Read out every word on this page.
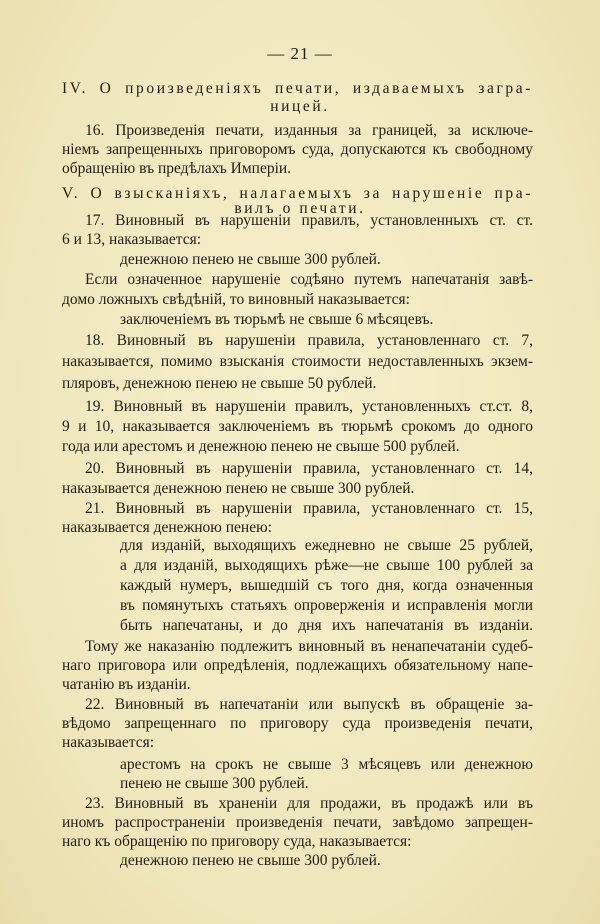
— 21 —
IV. О произведеніяхъ печати, издаваемыхъ загра-
ницей.
16. Произведенія печати, изданныя за границей, за исключе-
ніемъ запрещенныхъ приговоромъ суда, допускаются къ свободному
обращенію въ предѣлахъ Имперіи.
V. О взысканіяхъ, налагаемыхъ за нарушеніе пра-
вилъ о печати.
17. Виновный въ нарушеніи правилъ, установленныхъ ст. ст.
6 и 13, наказывается:
денежною пенею не свыше 300 рублей.
Если означенное нарушеніе содѣяно путемъ напечатанія завѣ-
домо ложныхъ свѣдѣній, то виновный наказывается:
заключеніемъ въ тюрьмѣ не свыше 6 мѣсяцевъ.
18. Виновный въ нарушеніи правила, установленнаго ст. 7,
наказывается, помимо взысканія стоимости недоставленныхъ экзем-
пляровъ, денежною пенею не свыше 50 рублей.
19. Виновный въ нарушеніи правилъ, установленныхъ ст.ст. 8,
9 и 10, наказывается заключеніемъ въ тюрьмѣ срокомъ до одного
года или арестомъ и денежною пенею не свыше 500 рублей.
20. Виновный въ нарушеніи правила, установленнаго ст. 14,
наказывается денежною пенею не свыше 300 рублей.
21. Виновный въ нарушеніи правила, установленнаго ст. 15,
наказывается денежною пенею:
для изданій, выходящихъ ежедневно не свыше 25 рублей,
а для изданій, выходящихъ рѣже—не свыше 100 рублей за
каждый нумеръ, вышедшій съ того дня, когда означенныя
въ помянутыхъ статьяхъ опроверженія и исправленія могли
быть напечатаны, и до дня ихъ напечатанія въ изданіи.
Тому же наказанію подлежитъ виновный въ ненапечатаніи судеб-
наго приговора или опредѣленія, подлежащихъ обязательному напе-
чатанію въ изданіи.
22. Виновный въ напечатаніи или выпускѣ въ обращеніе за-
вѣдомо запрещеннаго по приговору суда произведенія печати,
наказывается:
арестомъ на срокъ не свыше 3 мѣсяцевъ или денежною
пенею не свыше 300 рублей.
23. Виновный въ храненіи для продажи, въ продажѣ или въ
иномъ распространеніи произведенія печати, завѣдомо запрещен-
наго къ обращенію по приговору суда, наказывается:
денежною пенею не свыше 300 рублей.
